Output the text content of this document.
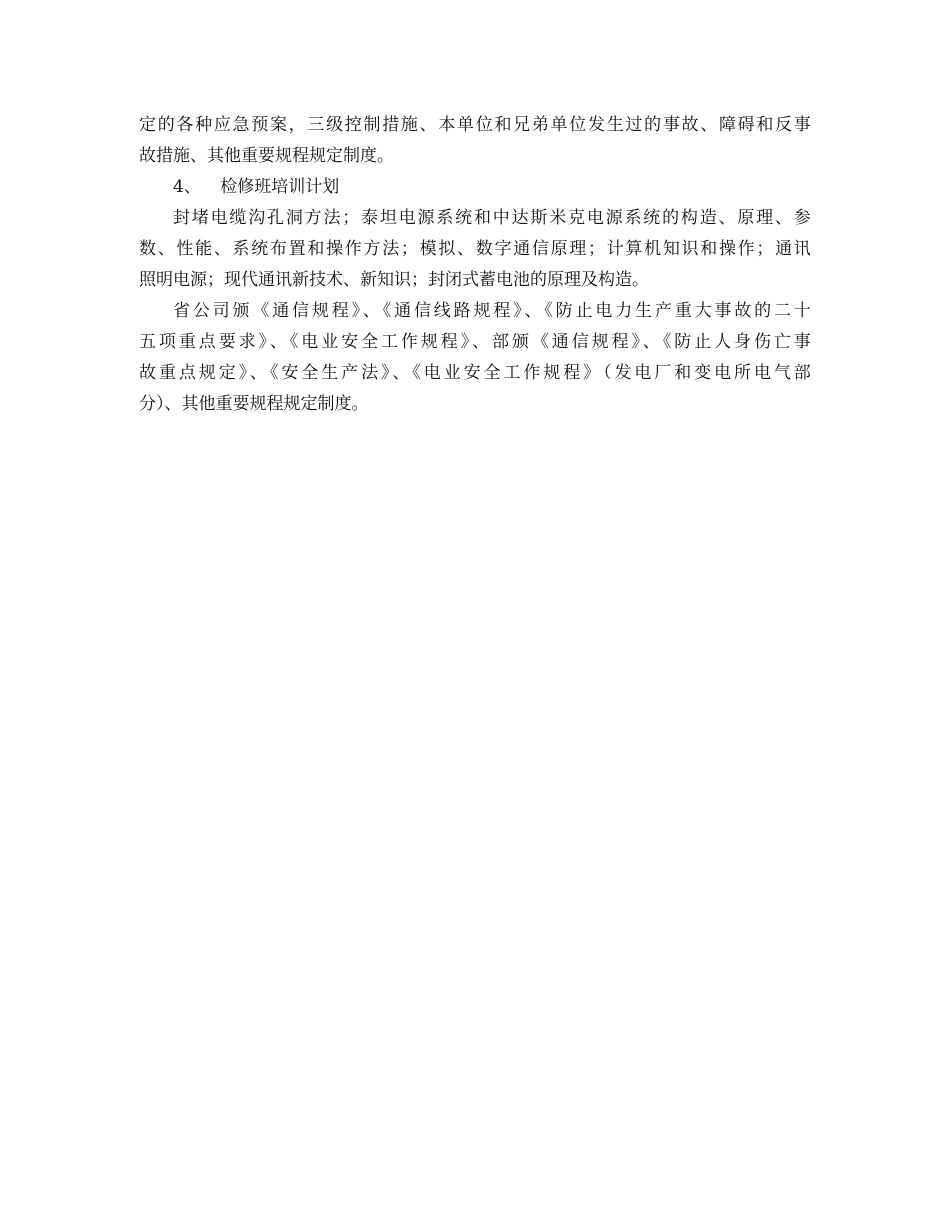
定的各种应急预案，三级控制措施、本单位和兄弟单位发生过的事故、障碍和反事
故措施、其他重要规程规定制度。
4、 检修班培训计划
封堵电缆沟孔洞方法；泰坦电源系统和中达斯米克电源系统的构造、原理、参
数、性能、系统布置和操作方法；模拟、数字通信原理；计算机知识和操作；通讯
照明电源；现代通讯新技术、新知识；封闭式蓄电池的原理及构造。
省公司颁《通信规程》、《通信线路规程》、《防止电力生产重大事故的二十
五项重点要求》、《电业安全工作规程》、部颁《通信规程》、《防止人身伤亡事
故重点规定》、《安全生产法》、《电业安全工作规程》（发电厂和变电所电气部
分）、其他重要规程规定制度。
